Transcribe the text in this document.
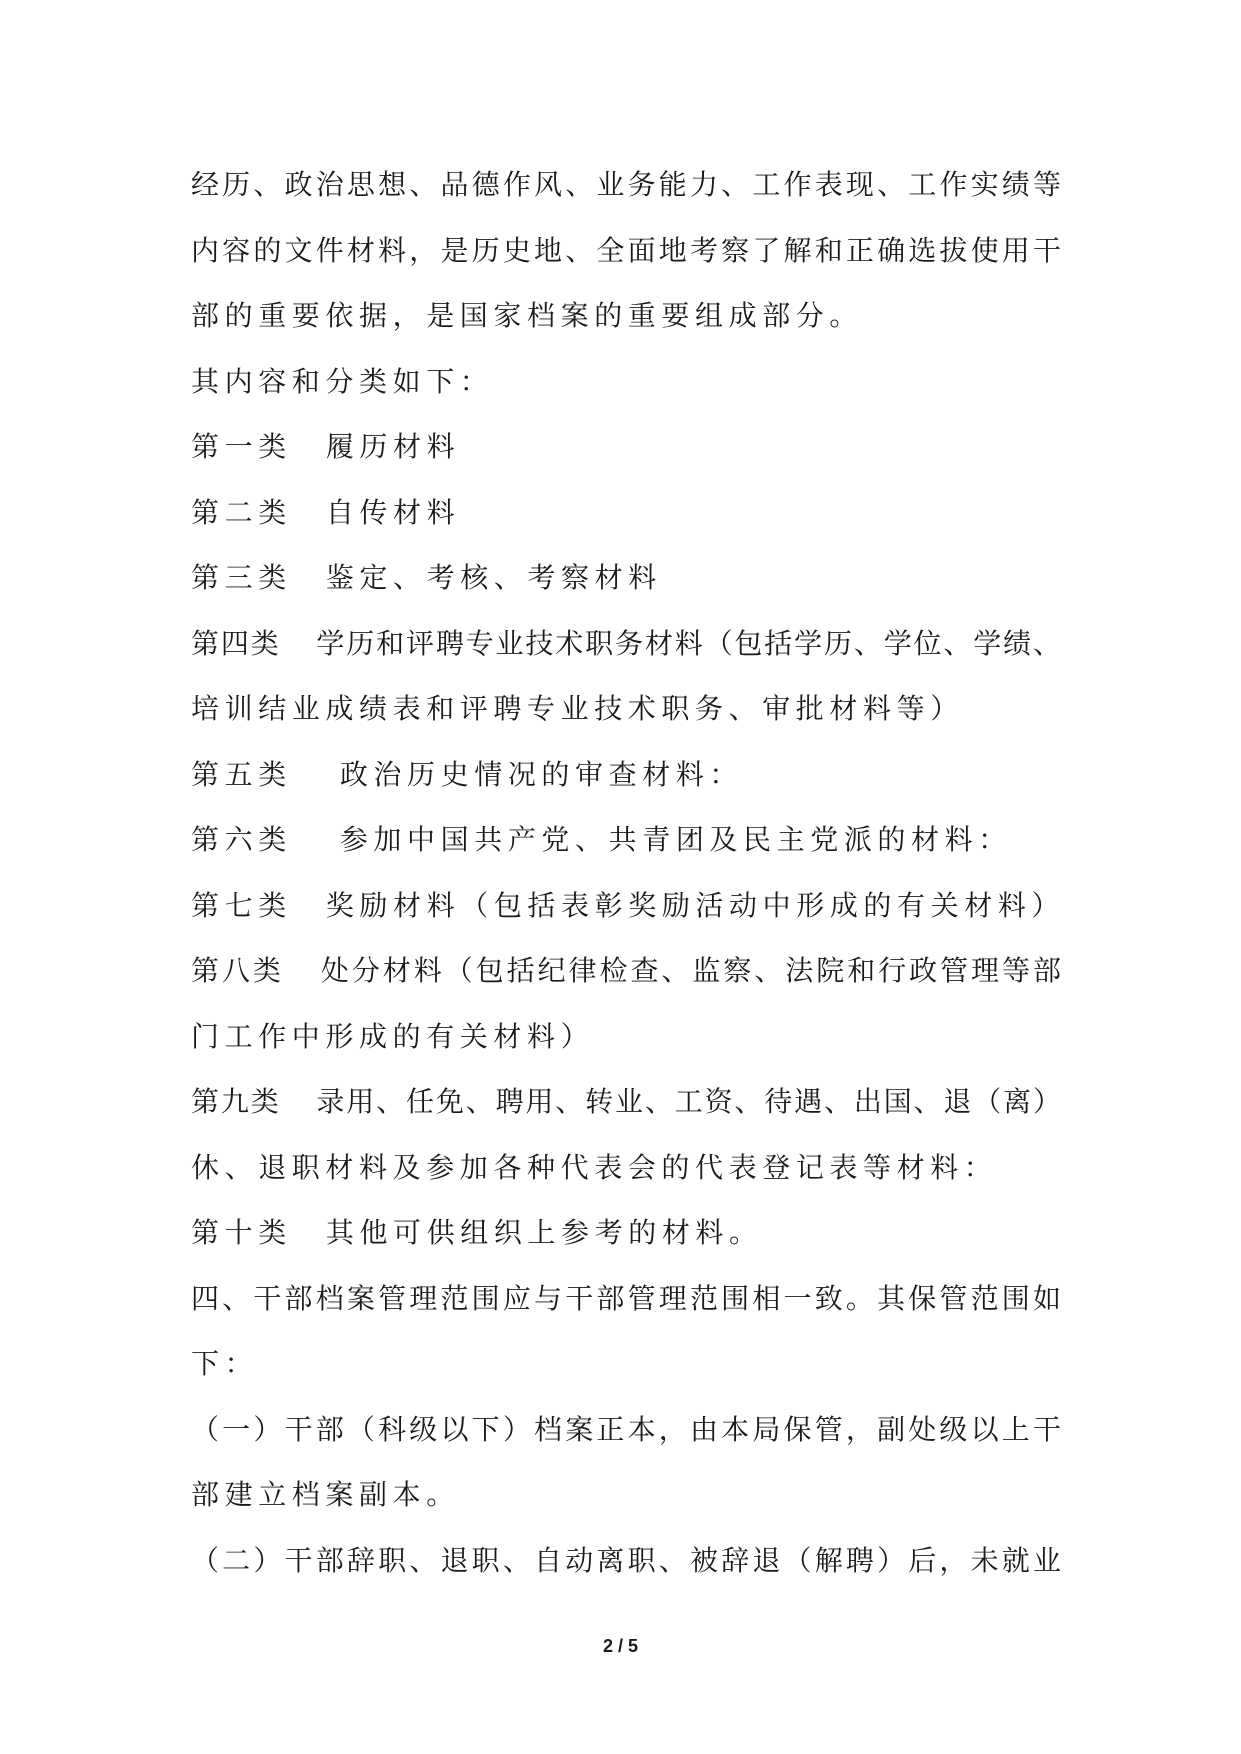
经历、政治思想、品德作风、业务能力、工作表现、工作实绩等
内容的文件材料，是历史地、全面地考察了解和正确选拔使用干
部的重要依据，是国家档案的重要组成部分。
其内容和分类如下：
第一类 履历材料
第二类 自传材料
第三类 鉴定、考核、考察材料
第四类 学历和评聘专业技术职务材料（包括学历、学位、学绩、
培训结业成绩表和评聘专业技术职务、审批材料等）
第五类 政治历史情况的审查材料：
第六类 参加中国共产党、共青团及民主党派的材料：
第七类 奖励材料（包括表彰奖励活动中形成的有关材料）
第八类 处分材料（包括纪律检查、监察、法院和行政管理等部
门工作中形成的有关材料）
第九类 录用、任免、聘用、转业、工资、待遇、出国、退（离）
休、退职材料及参加各种代表会的代表登记表等材料：
第十类 其他可供组织上参考的材料。
四、干部档案管理范围应与干部管理范围相一致。其保管范围如
下：
（一）干部（科级以下）档案正本，由本局保管，副处级以上干
部建立档案副本。
（二）干部辞职、退职、自动离职、被辞退（解聘）后，未就业
2 / 5
